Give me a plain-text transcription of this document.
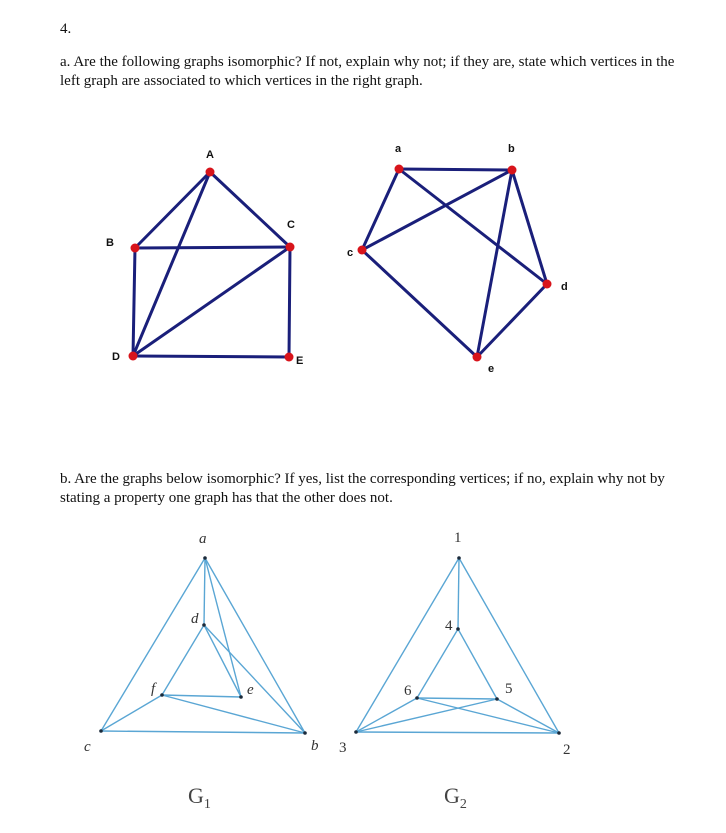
4.

a. Are the following graphs isomorphic? If not, explain why not; if they are, state which vertices in the left graph are associated to which vertices in the right graph.

b. Are the graphs below isomorphic? If yes, list the corresponding vertices; if no, explain why not by stating a property one graph has that the other does not.

A
B
C
D	E
a	b
c
d
e
a
b
c
d
e
f
$G_1$
1
2
3
4
5
6
$G_2$
